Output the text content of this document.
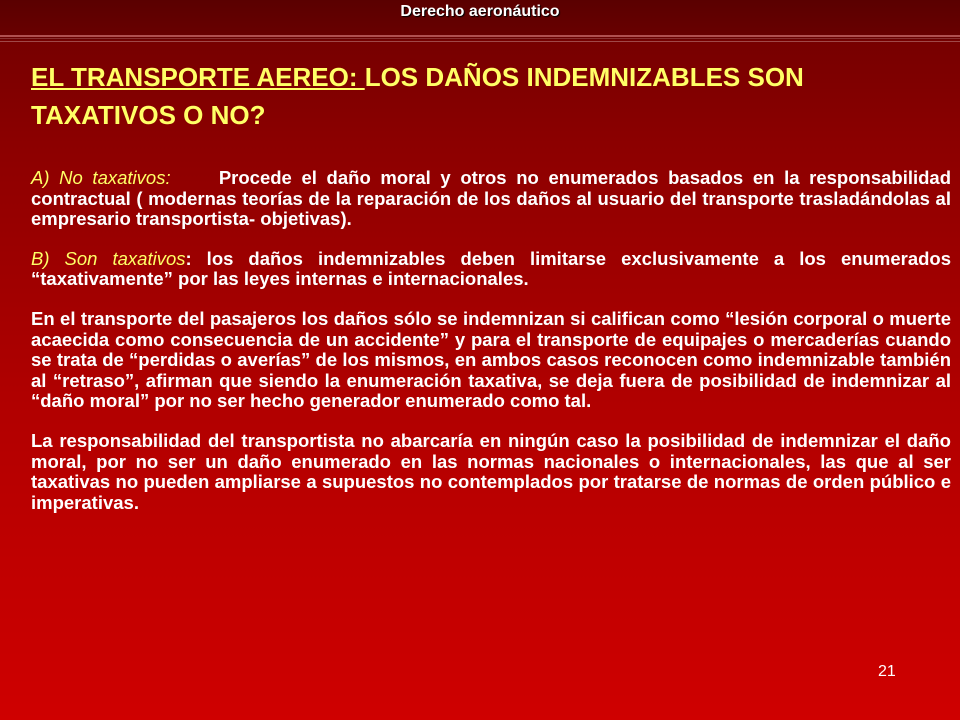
Derecho aeronáutico
EL TRANSPORTE AEREO: LOS DAÑOS INDEMNIZABLES SON TAXATIVOS O NO?

A) No taxativos:	Procede el daño moral y otros no enumerados basados en la responsabilidad contractual ( modernas teorías de la reparación de los daños al usuario del transporte trasladándolas al empresario transportista- objetivas).

B) Son taxativos: los daños indemnizables deben limitarse exclusivamente a los enumerados “taxativamente” por las leyes internas e internacionales.

En el transporte del pasajeros los daños sólo se indemnizan si califican como “lesión corporal o muerte acaecida como consecuencia de un accidente” y para el transporte de equipajes o mercaderías cuando se trata de “perdidas o averías” de los mismos, en ambos casos reconocen como indemnizable también al “retraso”, afirman que siendo la enumeración taxativa, se deja fuera de posibilidad de indemnizar al “daño moral” por no ser hecho generador enumerado como tal.

La responsabilidad del transportista no abarcaría en ningún caso la posibilidad de indemnizar el daño moral, por no ser un daño enumerado en las normas nacionales o internacionales, las que al ser taxativas no pueden ampliarse a supuestos no contemplados por tratarse de normas de orden público e imperativas.

21
